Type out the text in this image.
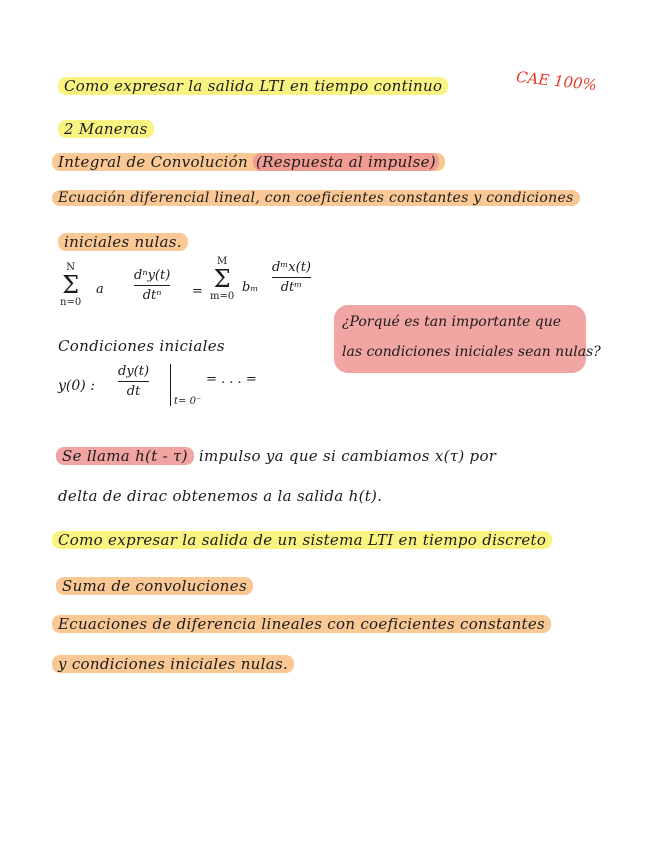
Como expresar la salida LTI en tiempo continuo	CAE 100%
2 Maneras
Integral de Convolución (Respuesta al impulse)
Ecuación diferencial lineal, con coeficientes constantes y condiciones
iniciales nulas.
N
Σ
n=0
a
dⁿy(t)
dtⁿ =
M
Σ
m=0
bₘ
dᵐx(t)
dtᵐ
Condiciones iniciales
y(0) :
dy(t)
dt
t= 0⁻
= . . . =
¿Porqué es tan importante que
las condiciones iniciales sean nulas?
Se llama h(t - τ) impulso ya que si cambiamos x(τ) por
delta de dirac obtenemos a la salida h(t).
Como expresar la salida de un sistema LTI en tiempo discreto
Suma de convoluciones
Ecuaciones de diferencia lineales con coeficientes constantes
y condiciones iniciales nulas.
